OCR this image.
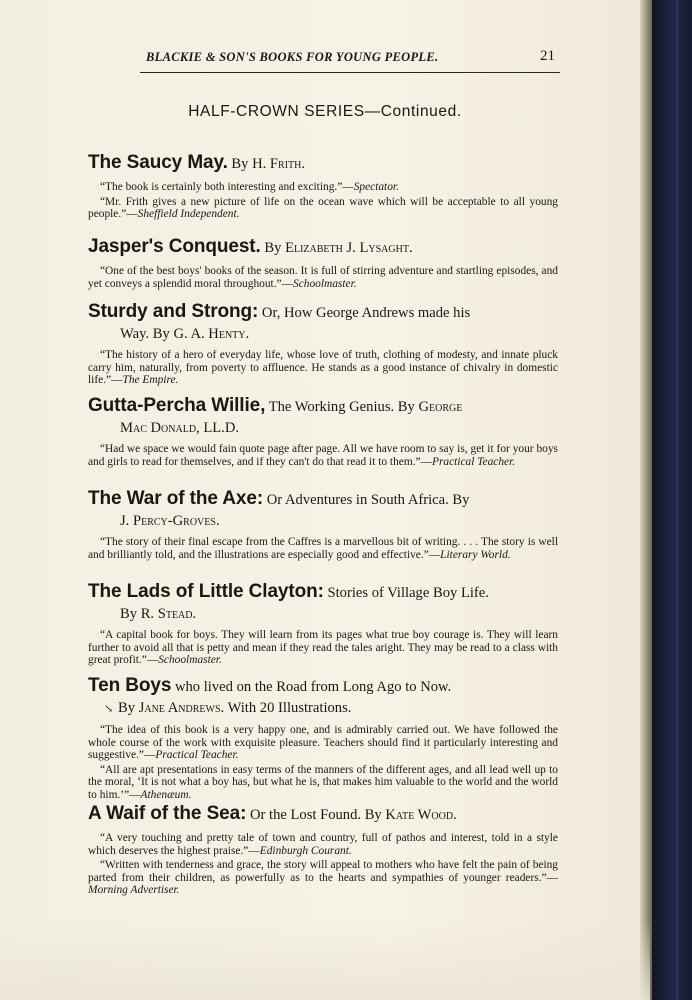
BLACKIE & SON'S BOOKS FOR YOUNG PEOPLE.	21
HALF-CROWN SERIES—Continued.
The Saucy May. By H. Frith.

“The book is certainly both interesting and exciting.”—Spectator.

“Mr. Frith gives a new picture of life on the ocean wave which will be acceptable to all young people.”—Sheffield Independent.

Jasper's Conquest. By Elizabeth J. Lysaght.

“One of the best boys' books of the season. It is full of stirring adventure and startling episodes, and yet conveys a splendid moral throughout.”—Schoolmaster.

Sturdy and Strong: Or, How George Andrews made his
Way. By G. A. Henty.

“The history of a hero of everyday life, whose love of truth, clothing of modesty, and innate pluck carry him, naturally, from poverty to affluence. He stands as a good instance of chivalry in domestic life.”—The Empire.

Gutta-Percha Willie, The Working Genius. By George
Mac Donald, LL.D.

“Had we space we would fain quote page after page. All we have room to say is, get it for your boys and girls to read for themselves, and if they can't do that read it to them.”—Practical Teacher.

The War of the Axe: Or Adventures in South Africa. By
J. Percy-Groves.

“The story of their final escape from the Caffres is a marvellous bit of writing. . . . The story is well and brilliantly told, and the illustrations are especially good and effective.”—Literary World.

The Lads of Little Clayton: Stories of Village Boy Life.
By R. Stead.

“A capital book for boys. They will learn from its pages what true boy courage is. They will learn further to avoid all that is petty and mean if they read the tales aright. They may be read to a class with great profit.”—Schoolmaster.

Ten Boys who lived on the Road from Long Ago to Now.
↘ By Jane Andrews. With 20 Illustrations.

“The idea of this book is a very happy one, and is admirably carried out. We have followed the whole course of the work with exquisite pleasure. Teachers should find it particularly interesting and suggestive.”—Practical Teacher.

“All are apt presentations in easy terms of the manners of the different ages, and all lead well up to the moral, ‘It is not what a boy has, but what he is, that makes him valuable to the world and the world to him.’”—Athenæum.

A Waif of the Sea: Or the Lost Found. By Kate Wood.

“A very touching and pretty tale of town and country, full of pathos and interest, told in a style which deserves the highest praise.”—Edinburgh Courant.

“Written with tenderness and grace, the story will appeal to mothers who have felt the pain of being parted from their children, as powerfully as to the hearts and sympathies of younger readers.”—Morning Advertiser.
